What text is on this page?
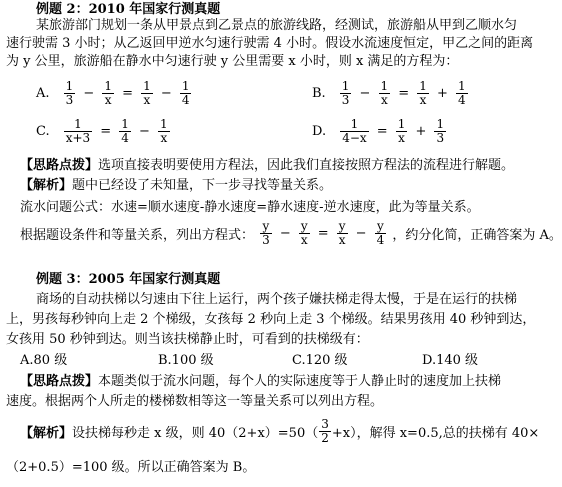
例题 2：2010 年国家行测真题
某旅游部门规划一条从甲景点到乙景点的旅游线路，经测试，旅游船从甲到乙顺水匀
速行驶需 3 小时；从乙返回甲逆水匀速行驶需 4 小时。假设水流速度恒定，甲乙之间的距离
为 y 公里，旅游船在静水中匀速行驶 y 公里需要 x 小时，则 x 满足的方程为：
A. $\frac{1}{3} - \frac{1}{x} = \frac{1}{x} - \frac{1}{4}$	B. $\frac{1}{3} - \frac{1}{x} = \frac{1}{x} + \frac{1}{4}$
C. $\frac{1}{x+3} = \frac{1}{4} - \frac{1}{x}$	D. $\frac{1}{4-x} = \frac{1}{x} + \frac{1}{3}$
【思路点拨】选项直接表明要使用方程法，因此我们直接按照方程法的流程进行解题。
【解析】题中已经设了未知量，下一步寻找等量关系。
流水问题公式：水速=顺水速度-静水速度=静水速度-逆水速度，此为等量关系。
根据题设条件和等量关系，列出方程式： $\frac{y}{3} - \frac{y}{x} = \frac{y}{x} - \frac{y}{4}$ ，约分化简，正确答案为 A。
例题 3：2005 年国家行测真题
商场的自动扶梯以匀速由下往上运行，两个孩子嫌扶梯走得太慢，于是在运行的扶梯
上，男孩每秒钟向上走 2 个梯级，女孩每 2 秒向上走 3 个梯级。结果男孩用 40 秒钟到达，
女孩用 50 秒钟到达。则当该扶梯静止时，可看到的扶梯级有：
A.80 级	B.100 级	C.120 级	D.140 级
【思路点拨】本题类似于流水问题，每个人的实际速度等于人静止时的速度加上扶梯
速度。根据两个人所走的楼梯数相等这一等量关系可以列出方程。
【解析】设扶梯每秒走 x 级，则 $40(2+x)=50( \frac{3}{2} +x)$，解得 x=0.5,总的扶梯有 40×
（2+0.5）=100 级。所以正确答案为 B。
